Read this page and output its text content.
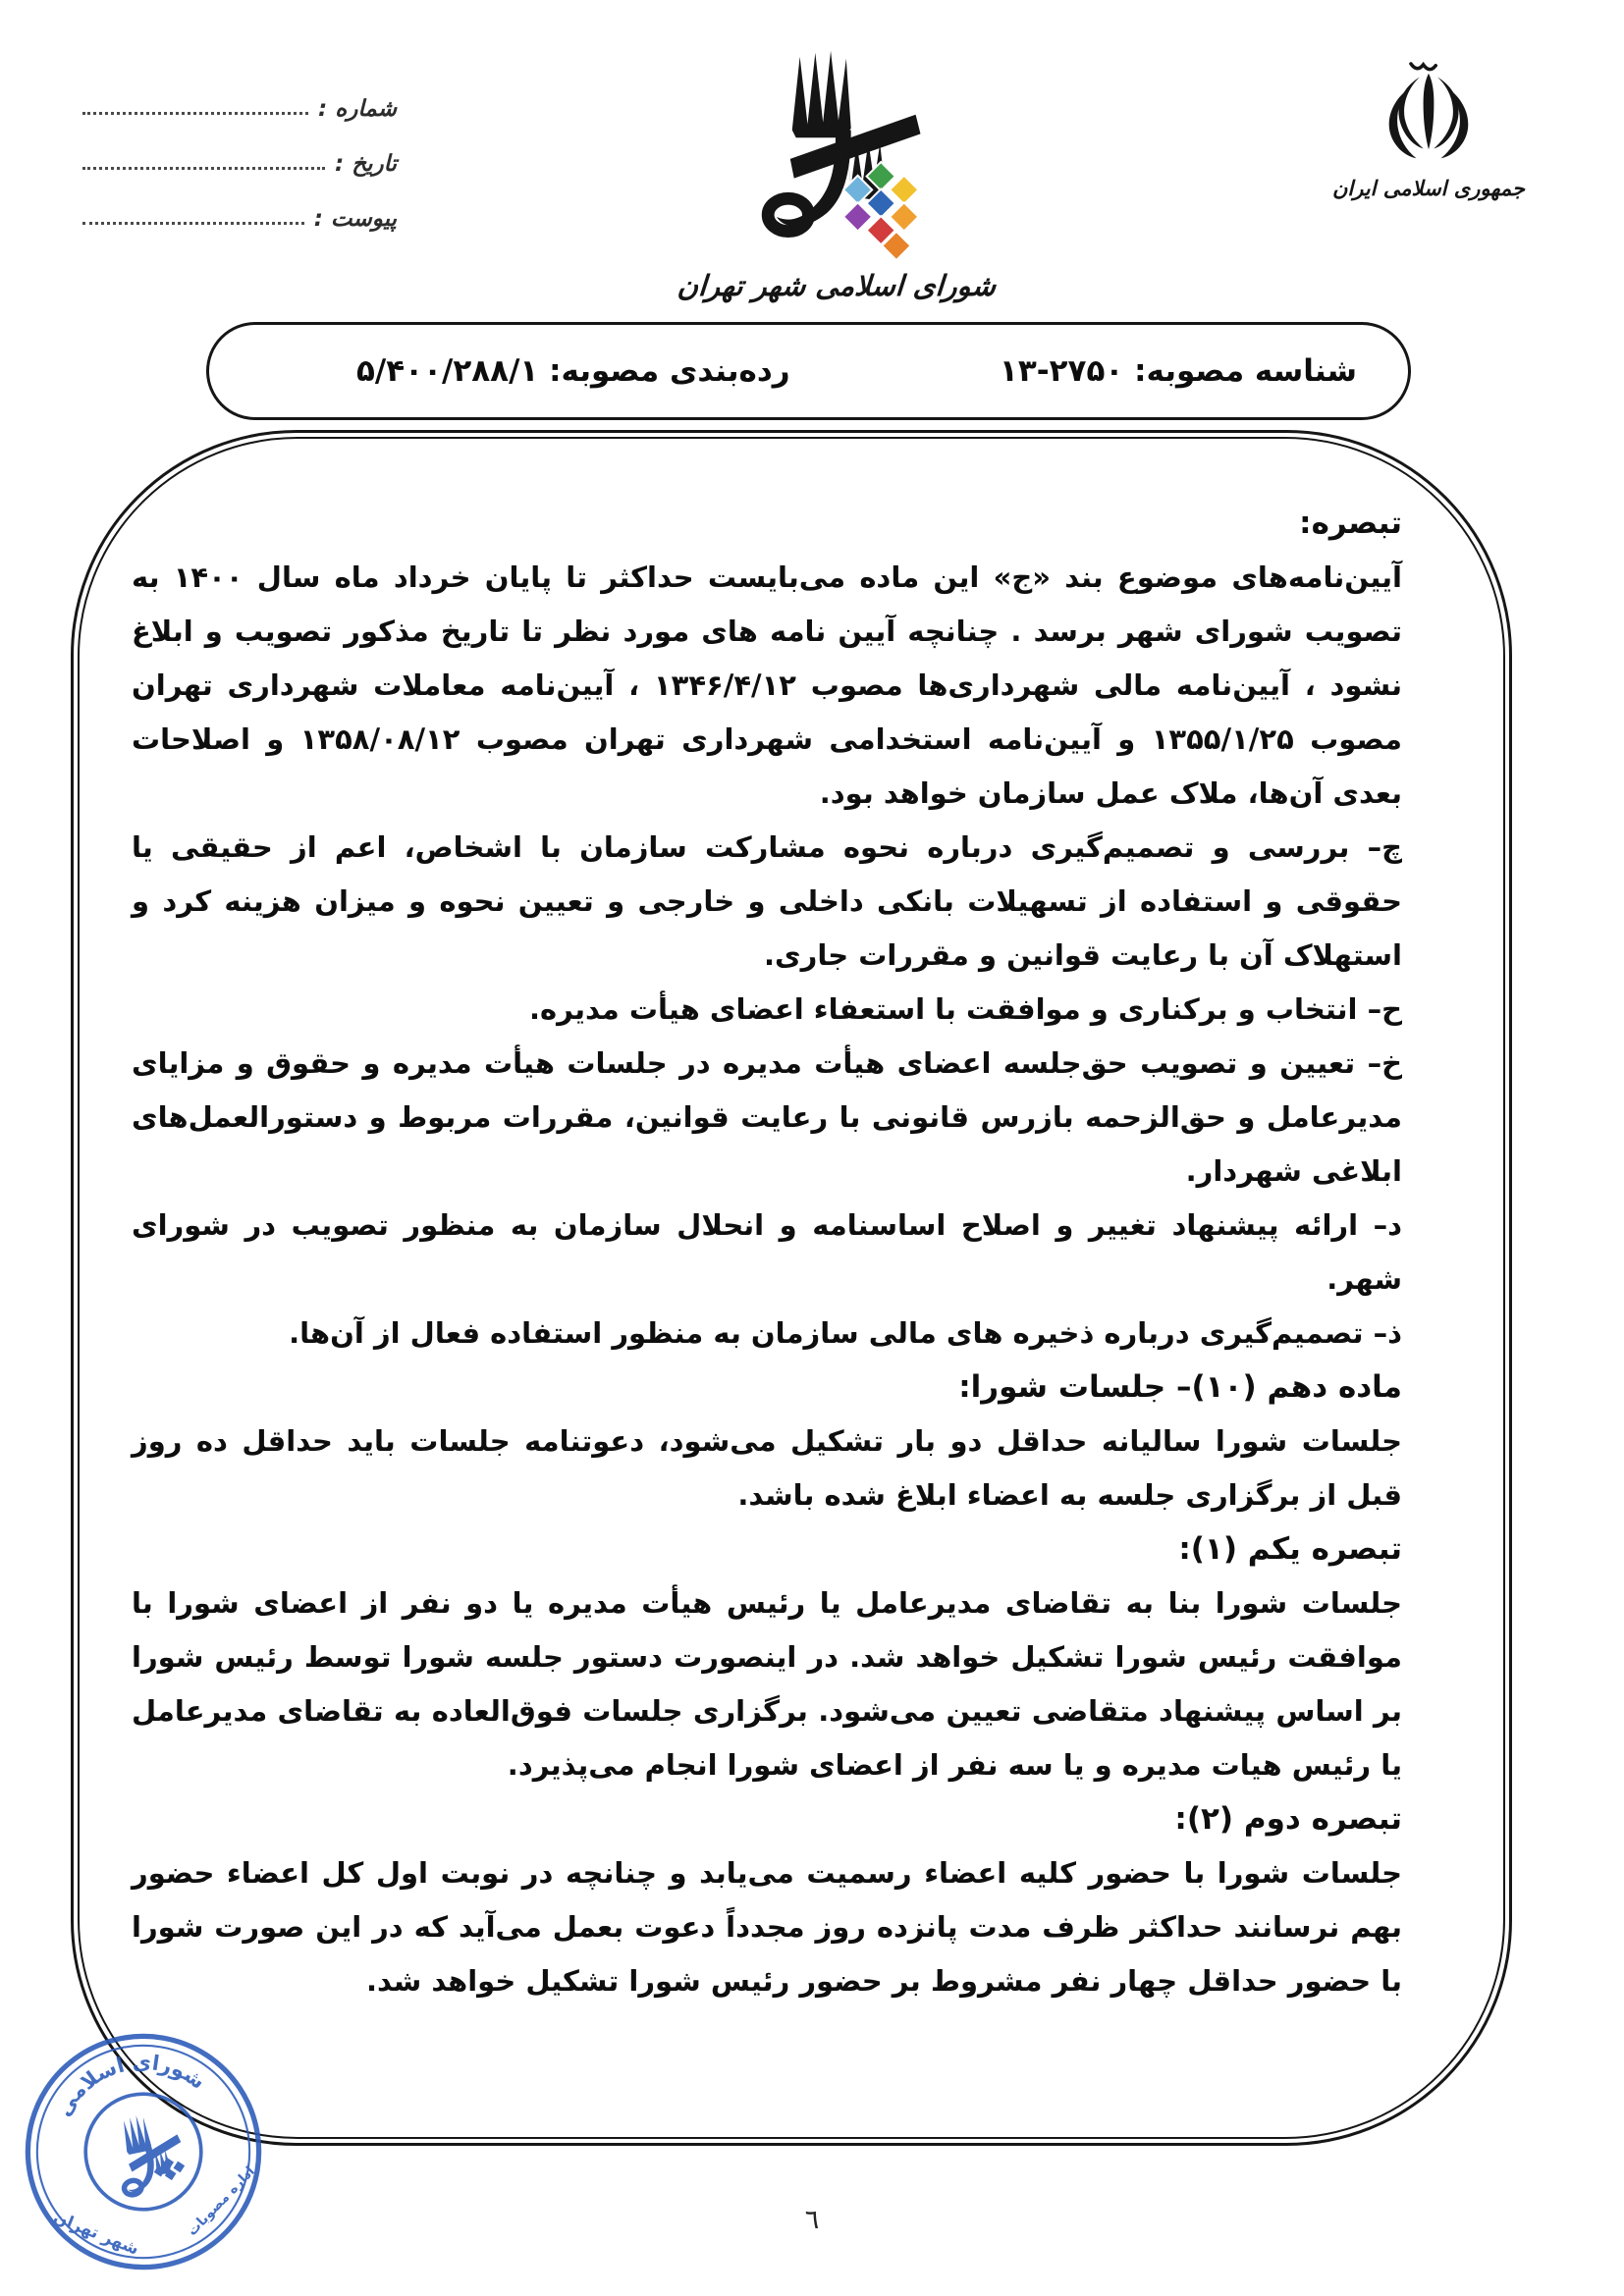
شماره :
تاریخ :
پیوست :
شورای اسلامی شهر تهران
جمهوری اسلامی ایران
شناسه مصوبه: ۲۷۵۰-۱۳
رده‌بندی مصوبه: ۵/۴۰۰/۲۸۸/۱
تبصره:
آیین‌نامه‌های موضوع بند «ج» این ماده می‌بایست حداکثر تا پایان خرداد ماه سال ۱۴۰۰ به تصویب شورای شهر برسد . چنانچه آیین نامه های مورد نظر تا تاریخ مذکور تصویب و ابلاغ نشود ، آیین‌نامه مالی شهرداری‌ها مصوب ۱۳۴۶/۴/۱۲ ، آیین‌نامه معاملات شهرداری تهران مصوب ۱۳۵۵/۱/۲۵ و آیین‌نامه استخدامی شهرداری تهران مصوب ۱۳۵۸/۰۸/۱۲ و اصلاحات بعدی آن‌ها، ملاک عمل سازمان خواهد بود.
چ– بررسی و تصمیم‌گیری درباره نحوه مشارکت سازمان با اشخاص، اعم از حقیقی یا حقوقی و استفاده از تسهیلات بانکی داخلی و خارجی و تعیین نحوه و میزان هزینه کرد و استهلاک آن با رعایت قوانین و مقررات جاری.
ح– انتخاب و برکناری و موافقت با استعفاء اعضای هیأت مدیره.
خ– تعیین و تصویب حق‌جلسه اعضای هیأت مدیره در جلسات هیأت مدیره و حقوق و مزایای مدیرعامل و حق‌الزحمه بازرس قانونی با رعایت قوانین، مقررات مربوط و دستورالعمل‌های ابلاغی شهردار.
د– ارائه پیشنهاد تغییر و اصلاح اساسنامه و انحلال سازمان به منظور تصویب در شورای شهر.
ذ– تصمیم‌گیری درباره ذخیره های مالی سازمان به منظور استفاده فعال از آن‌ها.
ماده دهم (۱۰)– جلسات شورا:
جلسات شورا سالیانه حداقل دو بار تشکیل می‌شود، دعوتنامه جلسات باید حداقل ده روز قبل از برگزاری جلسه به اعضاء ابلاغ شده باشد.
تبصره یکم (۱):
جلسات شورا بنا به تقاضای مدیرعامل یا رئیس هیأت مدیره یا دو نفر از اعضای شورا با موافقت رئیس شورا تشکیل خواهد شد. در اینصورت دستور جلسه شورا توسط رئیس شورا بر اساس پیشنهاد متقاضی تعیین می‌شود. برگزاری جلسات فوق‌العاده به تقاضای مدیرعامل یا رئیس هیات مدیره و یا سه نفر از اعضای شورا انجام می‌پذیرد.
تبصره دوم (۲):
جلسات شورا با حضور کلیه اعضاء رسمیت می‌یابد و چنانچه در نوبت اول کل اعضاء حضور بهم نرسانند حداکثر ظرف مدت پانزده روز مجدداً دعوت بعمل می‌آید که در این صورت شورا با حضور حداقل چهار نفر مشروط بر حضور رئیس شورا تشکیل خواهد شد.
شورای اسلامی
شهر تهران	اداره مصوبات	٦
